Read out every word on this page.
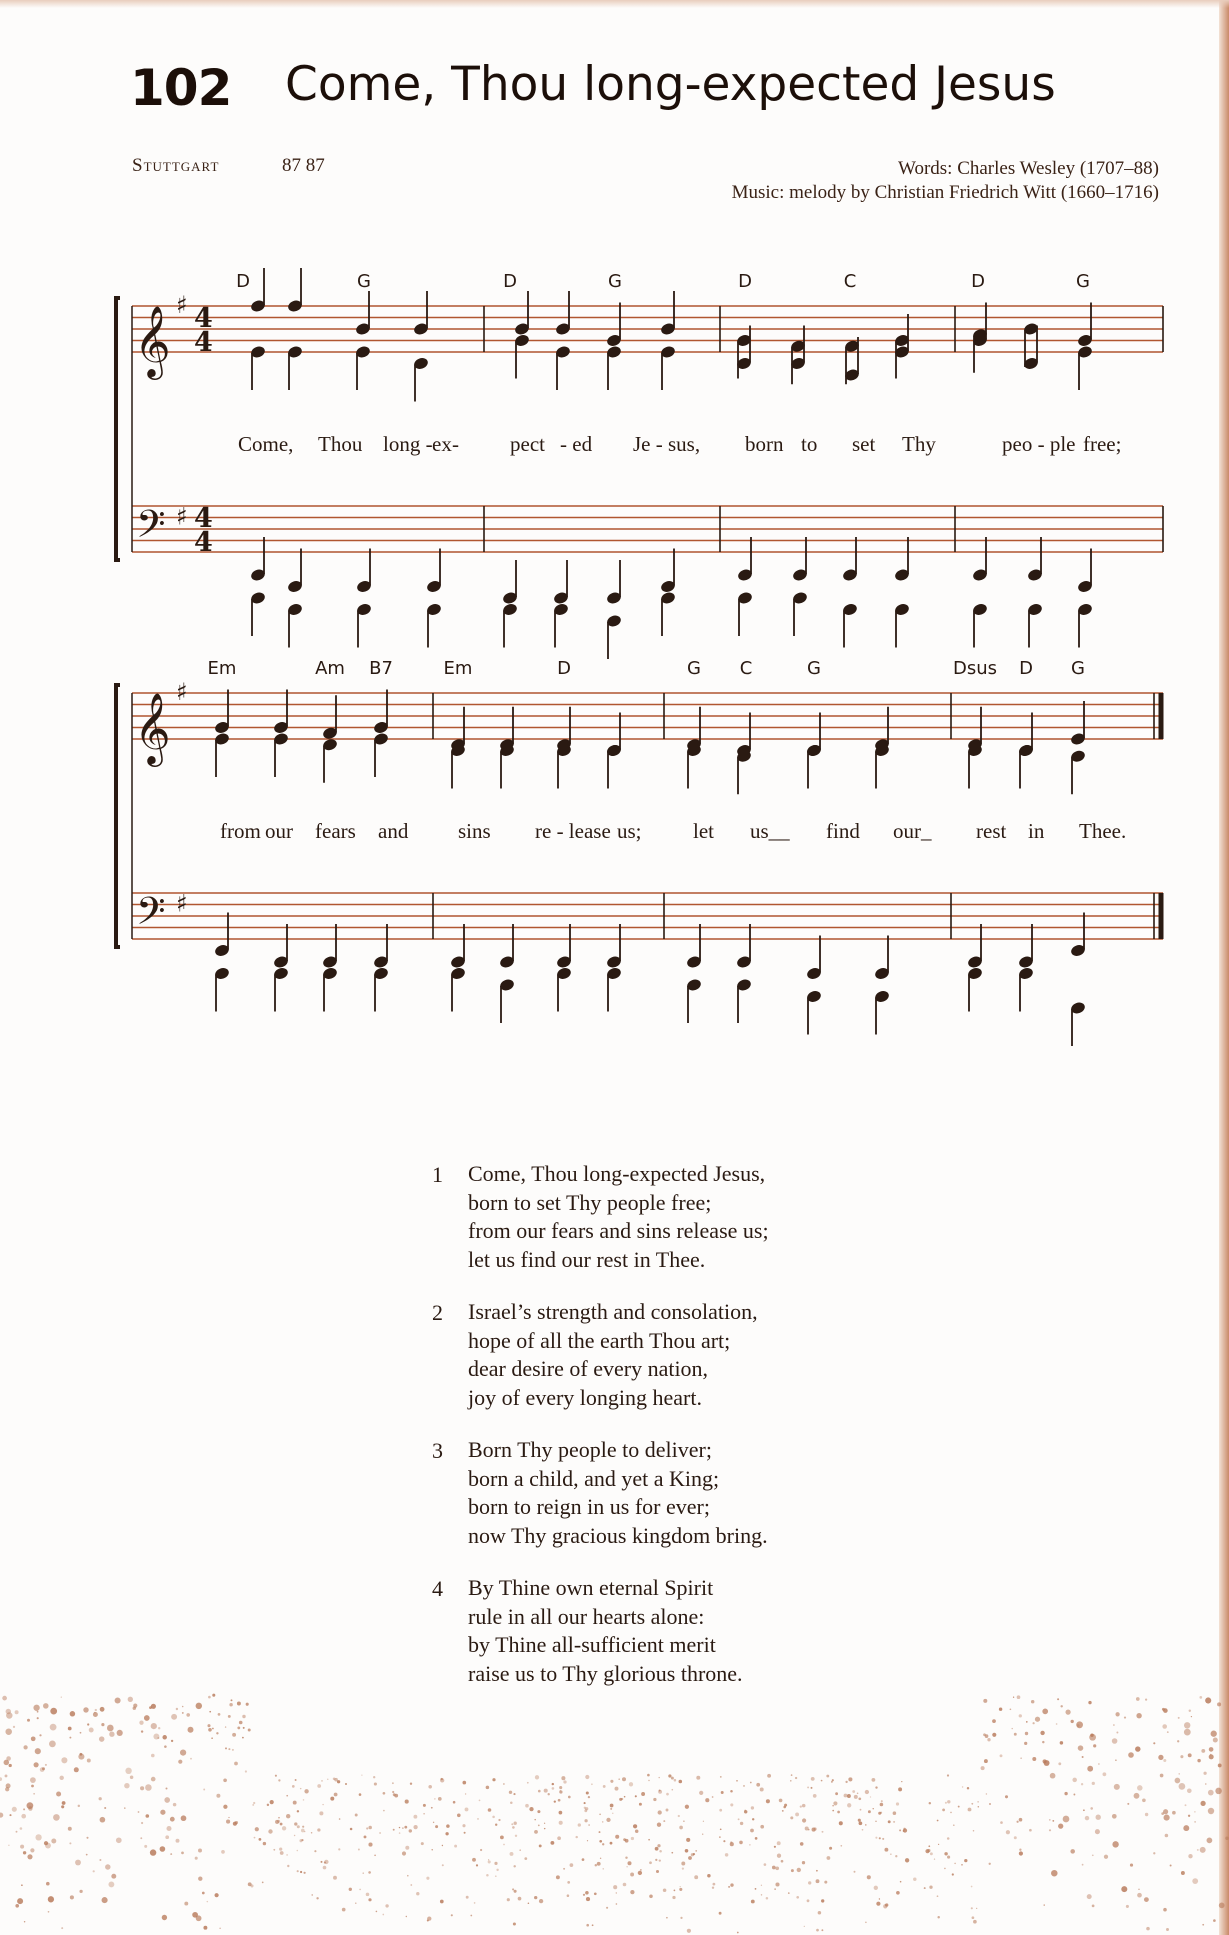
102 Come, Thou long-expected Jesus
Stuttgart	87 87	Words: Charles Wesley (1707–88)
Music: melody by Christian Friedrich Witt (1660–1716)
𝄞
𝄢
♯
♯
4
4
4
4
D	G	D	G	D	C	D	G
Come, Thou long - ex - pect - ed Je - sus, born to set Thy	peo - ple free;
𝄞
𝄢
♯
♯
Em	Am B7	Em	D	G C	G	Dsus D G
from our fears and sins re - lease us; let us__ find our_ rest in Thee.
1	Come, Thou long-expected Jesus,
born to set Thy people free;
from our fears and sins release us;
let us find our rest in Thee.
2	Israel’s strength and consolation,
hope of all the earth Thou art;
dear desire of every nation,
joy of every longing heart.
3	Born Thy people to deliver;
born a child, and yet a King;
born to reign in us for ever;
now Thy gracious kingdom bring.
4	By Thine own eternal Spirit
rule in all our hearts alone:
by Thine all-sufficient merit
raise us to Thy glorious throne.
